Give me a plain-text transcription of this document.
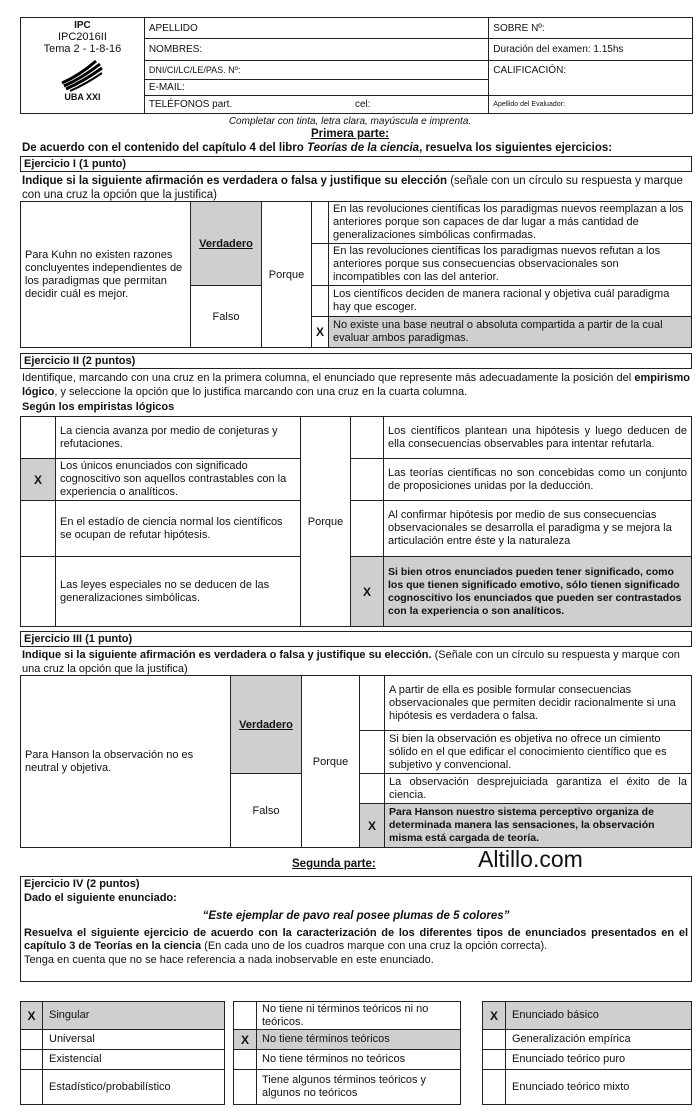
IPC
IPC2016II
Tema 2 - 1-8-16
UBA XXI	APELLIDO	SOBRE Nº:
	NOMBRES:	Duración del examen: 1.15hs
	DNI/CI/LC/LE/PAS. Nº:	CALIFICACIÓN:
	E-MAIL:	
	TELÉFONOS part. cel:	Apellido del Evaluador:
Completar con tinta, letra clara, mayúscula e imprenta.
Primera parte:
De acuerdo con el contenido del capítulo 4 del libro Teorías de la ciencia, resuelva los siguientes ejercicios:
Ejercicio I (1 punto)
Indique si la siguiente afirmación es verdadera o falsa y justifique su elección (señale con un círculo su respuesta y marque con una cruz la opción que la justifica)
Para Kuhn no existen razones concluyentes independientes de los paradigmas que permitan decidir cuál es mejor.	Verdadero	Porque		En las revoluciones científicas los paradigmas nuevos reemplazan a los anteriores porque son capaces de dar lugar a más cantidad de generalizaciones simbólicas confirmadas.
				En las revoluciones científicas los paradigmas nuevos refutan a los anteriores porque sus consecuencias observacionales son incompatibles con las del anterior.
	Falso			Los científicos deciden de manera racional y objetiva cuál paradigma hay que escoger.
			X	No existe una base neutral o absoluta compartida a partir de la cual evaluar ambos paradigmas.
Ejercicio II (2 puntos)
Identifique, marcando con una cruz en la primera columna, el enunciado que represente más adecuadamente la posición del empirismo lógico, y seleccione la opción que lo justifica marcando con una cruz en la cuarta columna.
Según los empiristas lógicos
	La ciencia avanza por medio de conjeturas y refutaciones.	Porque		Los científicos plantean una hipótesis y luego deducen de ella consecuencias observables para intentar refutarla.
X	Los únicos enunciados con significado cognoscitivo son aquellos contrastables con la experiencia o analíticos.			Las teorías científicas no son concebidas como un conjunto de proposiciones unidas por la deducción.
	En el estadío de ciencia normal los científicos se ocupan de refutar hipótesis.			Al confirmar hipótesis por medio de sus consecuencias observacionales se desarrolla el paradigma y se mejora la articulación entre éste y la naturaleza
	Las leyes especiales no se deducen de las generalizaciones simbólicas.		X	Si bien otros enunciados pueden tener significado, como los que tienen significado emotivo, sólo tienen significado cognoscitivo los enunciados que pueden ser contrastados con la experiencia o son analíticos.
Ejercicio III (1 punto)
Indique si la siguiente afirmación es verdadera o falsa y justifique su elección. (Señale con un círculo su respuesta y marque con una cruz la opción que la justifica)
Para Hanson la observación no es neutral y objetiva.	Verdadero	Porque		A partir de ella es posible formular consecuencias observacionales que permiten decidir racionalmente si una hipótesis es verdadera o falsa.
				Si bien la observación es objetiva no ofrece un cimiento sólido en el que edificar el conocimiento científico que es subjetivo y convencional.
	Falso			La observación desprejuiciada garantiza el éxito de la ciencia.
			X	Para Hanson nuestro sistema perceptivo organiza de determinada manera las sensaciones, la observación misma está cargada de teoría.
Segunda parte:	Altillo.com
Ejercicio IV (2 puntos)
Dado el siguiente enunciado:
“Este ejemplar de pavo real posee plumas de 5 colores”
Resuelva el siguiente ejercicio de acuerdo con la caracterización de los diferentes tipos de enunciados presentados en el capítulo 3 de Teorías en la ciencia (En cada uno de los cuadros marque con una cruz la opción correcta).
Tenga en cuenta que no se hace referencia a nada inobservable en este enunciado.
X	Singular
	Universal
	Existencial
	Estadístico/probabilístico
	No tiene ni términos teóricos ni no teóricos.
X	No tiene términos teóricos
	No tiene términos no teóricos
	Tiene algunos términos teóricos y algunos no teóricos
X	Enunciado básico
	Generalización empírica
	Enunciado teórico puro
	Enunciado teórico mixto
